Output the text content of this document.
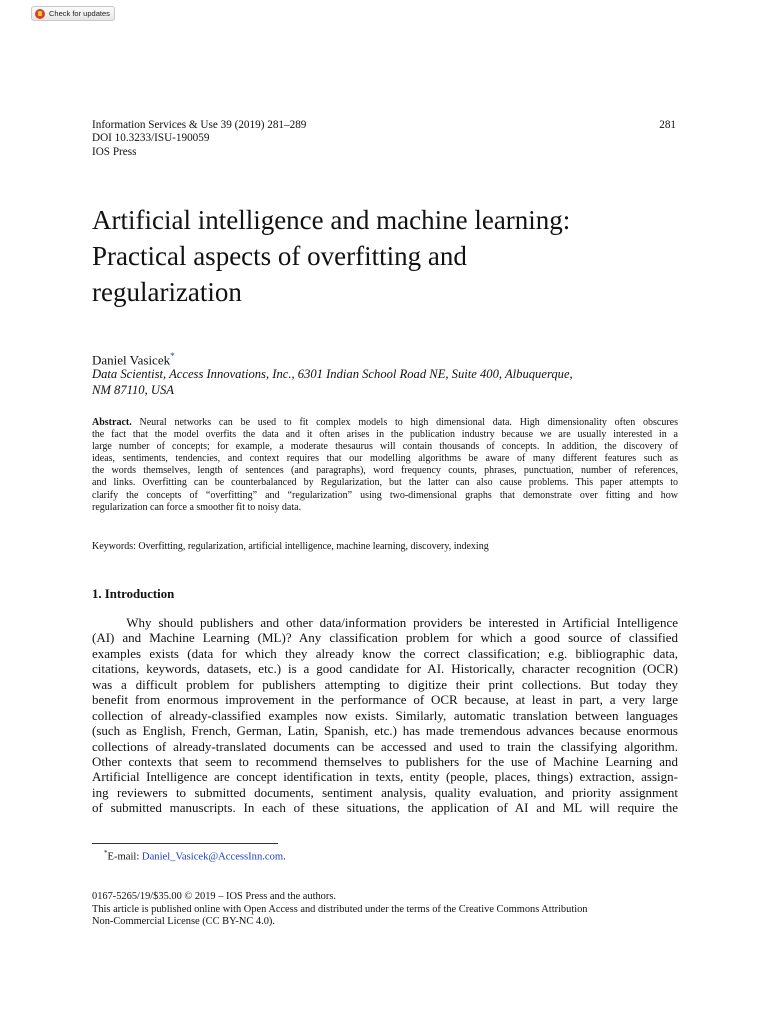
Check for updates
Information Services & Use 39 (2019) 281–289
DOI 10.3233/ISU-190059
IOS Press
281
Artificial intelligence and machine learning:
Practical aspects of overfitting and
regularization
Daniel Vasicek*
Data Scientist, Access Innovations, Inc., 6301 Indian School Road NE, Suite 400, Albuquerque,
NM 87110, USA
Abstract. Neural networks can be used to fit complex models to high dimensional data. High dimensionality often obscures
the fact that the model overfits the data and it often arises in the publication industry because we are usually interested in a
large number of concepts; for example, a moderate thesaurus will contain thousands of concepts. In addition, the discovery of
ideas, sentiments, tendencies, and context requires that our modelling algorithms be aware of many different features such as
the words themselves, length of sentences (and paragraphs), word frequency counts, phrases, punctuation, number of references,
and links. Overfitting can be counterbalanced by Regularization, but the latter can also cause problems. This paper attempts to
clarify the concepts of “overfitting” and “regularization” using two-dimensional graphs that demonstrate over fitting and how
regularization can force a smoother fit to noisy data.
Keywords: Overfitting, regularization, artificial intelligence, machine learning, discovery, indexing
1. Introduction
Why should publishers and other data/information providers be interested in Artificial Intelligence
(AI) and Machine Learning (ML)? Any classification problem for which a good source of classified
examples exists (data for which they already know the correct classification; e.g. bibliographic data,
citations, keywords, datasets, etc.) is a good candidate for AI. Historically, character recognition (OCR)
was a difficult problem for publishers attempting to digitize their print collections. But today they
benefit from enormous improvement in the performance of OCR because, at least in part, a very large
collection of already-classified examples now exists. Similarly, automatic translation between languages
(such as English, French, German, Latin, Spanish, etc.) has made tremendous advances because enormous
collections of already-translated documents can be accessed and used to train the classifying algorithm.
Other contexts that seem to recommend themselves to publishers for the use of Machine Learning and
Artificial Intelligence are concept identification in texts, entity (people, places, things) extraction, assign-
ing reviewers to submitted documents, sentiment analysis, quality evaluation, and priority assignment
of submitted manuscripts. In each of these situations, the application of AI and ML will require the
*E-mail: Daniel_Vasicek@AccessInn.com.
0167-5265/19/$35.00 © 2019 – IOS Press and the authors.
This article is published online with Open Access and distributed under the terms of the Creative Commons Attribution
Non-Commercial License (CC BY-NC 4.0).
